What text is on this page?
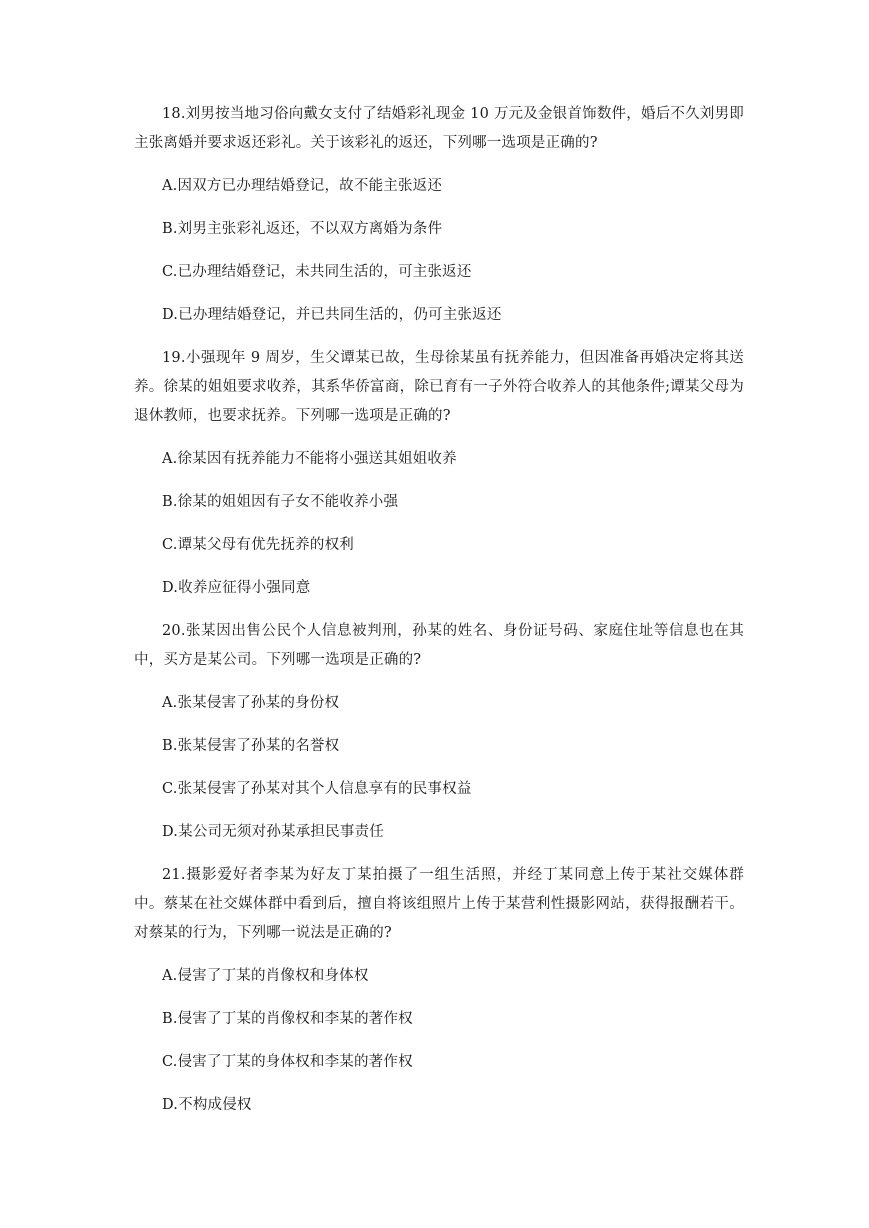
18.刘男按当地习俗向戴女支付了结婚彩礼现金 10 万元及金银首饰数件，婚后不久刘男即主张离婚并要求返还彩礼。关于该彩礼的返还，下列哪一选项是正确的?

A.因双方已办理结婚登记，故不能主张返还

B.刘男主张彩礼返还，不以双方离婚为条件

C.已办理结婚登记，未共同生活的，可主张返还

D.已办理结婚登记，并已共同生活的，仍可主张返还

19.小强现年 9 周岁，生父谭某已故，生母徐某虽有抚养能力，但因准备再婚决定将其送养。徐某的姐姐要求收养，其系华侨富商，除已育有一子外符合收养人的其他条件;谭某父母为退休教师，也要求抚养。下列哪一选项是正确的?

A.徐某因有抚养能力不能将小强送其姐姐收养

B.徐某的姐姐因有子女不能收养小强

C.谭某父母有优先抚养的权利

D.收养应征得小强同意

20.张某因出售公民个人信息被判刑，孙某的姓名、身份证号码、家庭住址等信息也在其中，买方是某公司。下列哪一选项是正确的?

A.张某侵害了孙某的身份权

B.张某侵害了孙某的名誉权

C.张某侵害了孙某对其个人信息享有的民事权益

D.某公司无须对孙某承担民事责任

21.摄影爱好者李某为好友丁某拍摄了一组生活照，并经丁某同意上传于某社交媒体群中。蔡某在社交媒体群中看到后，擅自将该组照片上传于某营利性摄影网站，获得报酬若干。对蔡某的行为，下列哪一说法是正确的?

A.侵害了丁某的肖像权和身体权

B.侵害了丁某的肖像权和李某的著作权

C.侵害了丁某的身体权和李某的著作权

D.不构成侵权
